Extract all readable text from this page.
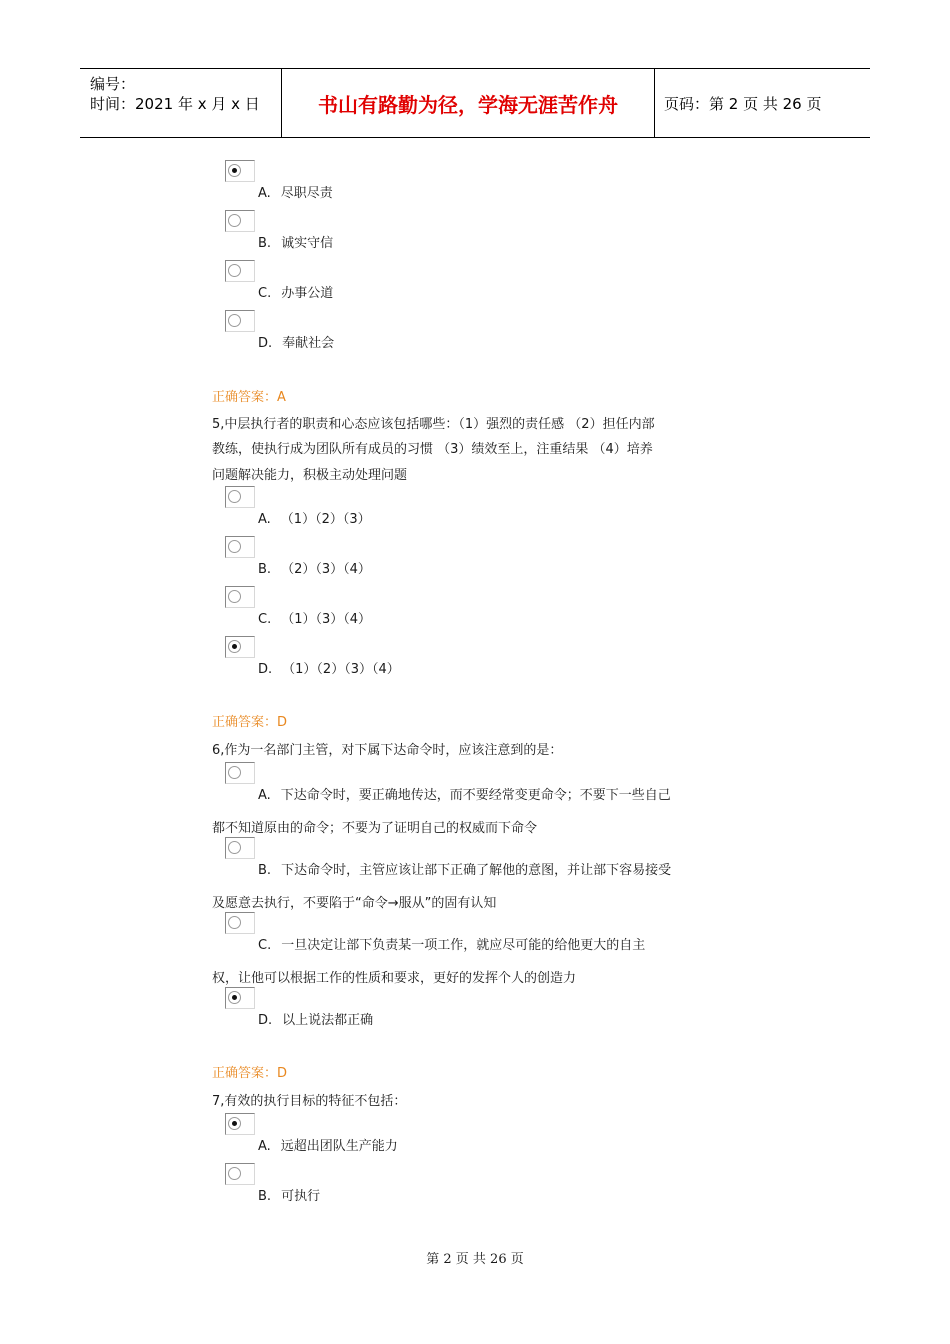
编号：
时间：2021 年 x 月 x 日	书山有路勤为径，学海无涯苦作舟	页码：第 2 页 共 26 页
A. 尽职尽责
B. 诚实守信
C. 办事公道
D. 奉献社会
正确答案：A
5,中层执行者的职责和心态应该包括哪些：（1）强烈的责任感 （2）担任内部
教练，使执行成为团队所有成员的习惯 （3）绩效至上，注重结果 （4）培养
问题解决能力，积极主动处理问题
A. （1）（2）（3）
B. （2）（3）（4）
C. （1）（3）（4）
D. （1）（2）（3）（4）
正确答案：D
6,作为一名部门主管，对下属下达命令时，应该注意到的是：
A. 下达命令时，要正确地传达，而不要经常变更命令；不要下一些自己
都不知道原由的命令；不要为了证明自己的权威而下命令
B. 下达命令时，主管应该让部下正确了解他的意图，并让部下容易接受
及愿意去执行，不要陷于“命令→服从”的固有认知
C. 一旦决定让部下负责某一项工作，就应尽可能的给他更大的自主
权，让他可以根据工作的性质和要求，更好的发挥个人的创造力
D. 以上说法都正确
正确答案：D
7,有效的执行目标的特征不包括：
A. 远超出团队生产能力
B. 可执行
第 2 页 共 26 页
